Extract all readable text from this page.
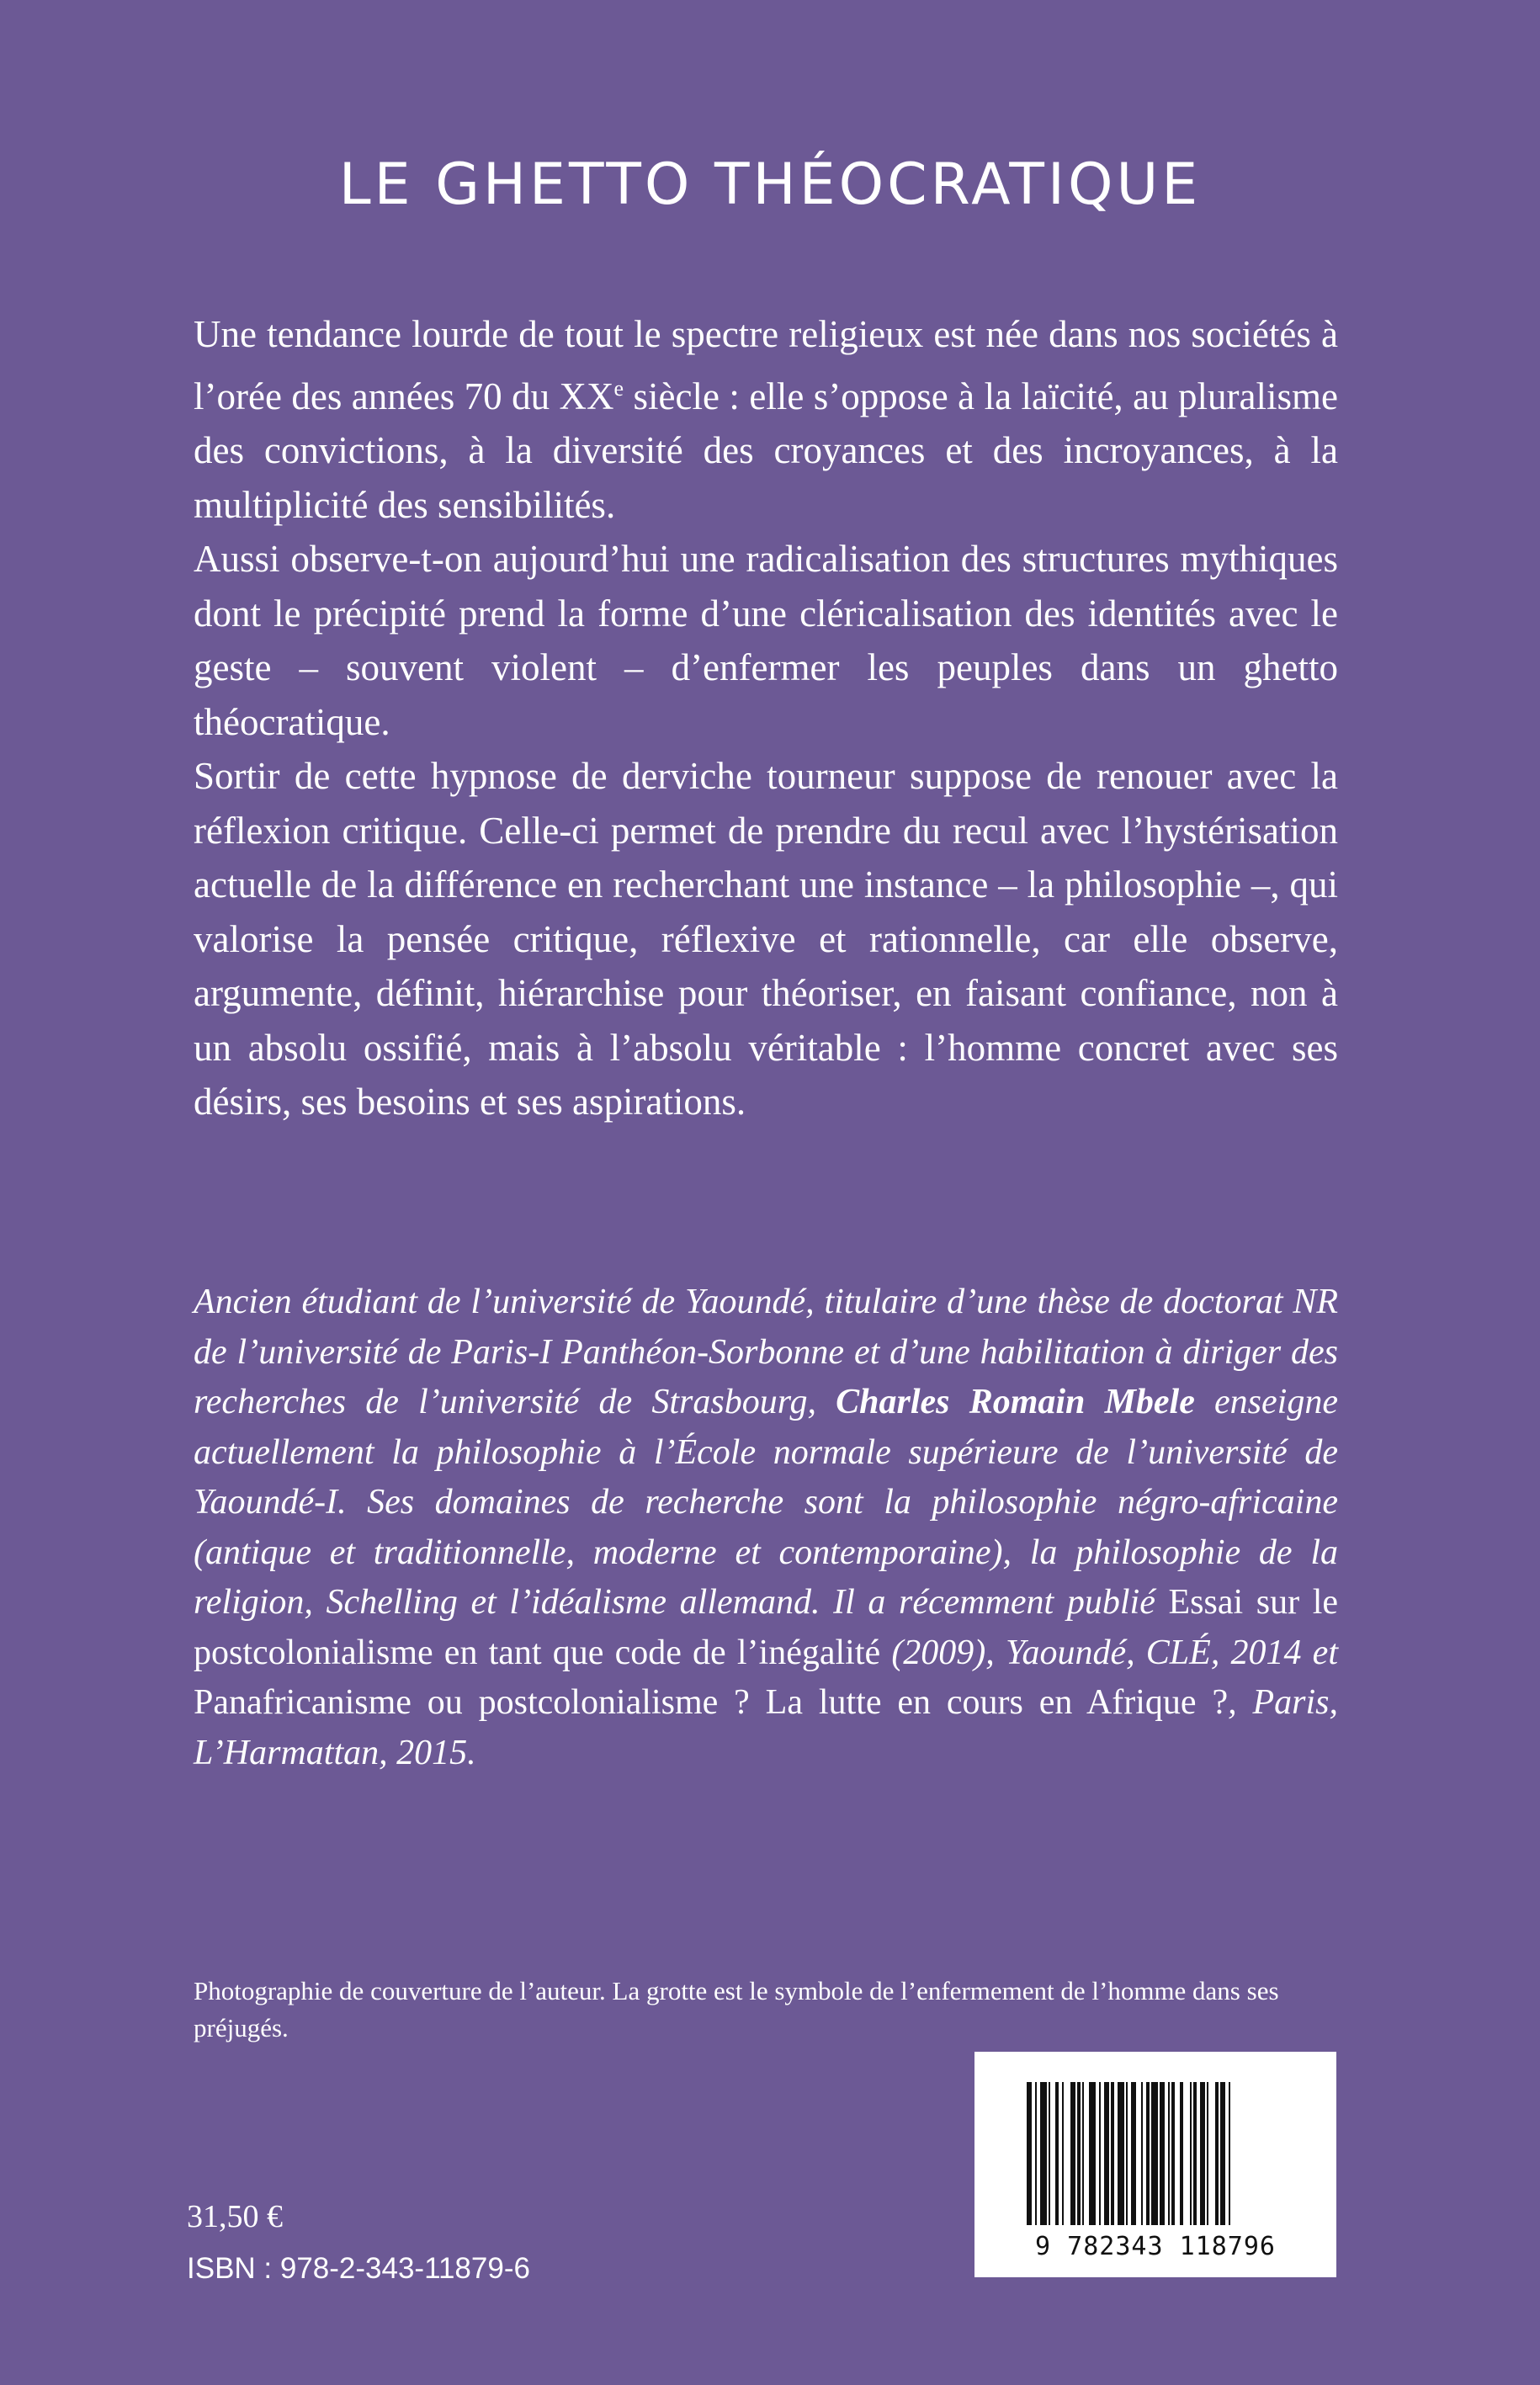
LE GHETTO THÉOCRATIQUE

Une tendance lourde de tout le spectre religieux est née dans nos sociétés à l’orée des années 70 du XXe siècle : elle s’oppose à la laïcité, au pluralisme des convictions, à la diversité des croyances et des incroyances, à la multiplicité des sensibilités.

Aussi observe-t-on aujourd’hui une radicalisation des structures mythiques dont le précipité prend la forme d’une cléricalisation des identités avec le geste – souvent violent – d’enfermer les peuples dans un ghetto théocratique.

Sortir de cette hypnose de derviche tourneur suppose de renouer avec la réflexion critique. Celle-ci permet de prendre du recul avec l’hystérisation actuelle de la différence en recherchant une instance – la philosophie –, qui valorise la pensée critique, réflexive et rationnelle, car elle observe, argumente, définit, hiérarchise pour théoriser, en faisant confiance, non à un absolu ossifié, mais à l’absolu véritable : l’homme concret avec ses désirs, ses besoins et ses aspirations.

Ancien étudiant de l’université de Yaoundé, titulaire d’une thèse de doctorat NR de l’université de Paris-I Panthéon-Sorbonne et d’une habilitation à diriger des recherches de l’université de Strasbourg, Charles Romain Mbele enseigne actuellement la philosophie à l’École normale supérieure de l’université de Yaoundé-I. Ses domaines de recherche sont la philosophie négro-africaine (antique et traditionnelle, moderne et contemporaine), la philosophie de la religion, Schelling et l’idéalisme allemand. Il a récemment publié Essai sur le postcolonialisme en tant que code de l’inégalité (2009), Yaoundé, CLÉ, 2014 et Panafricanisme ou postcolonialisme ? La lutte en cours en Afrique ?, Paris, L’Harmattan, 2015.
Photographie de couverture de l’auteur. La grotte est le symbole de l’enfermement de l’homme dans ses préjugés.
9 782343 118796
31,50 €
ISBN : 978-2-343-11879-6
